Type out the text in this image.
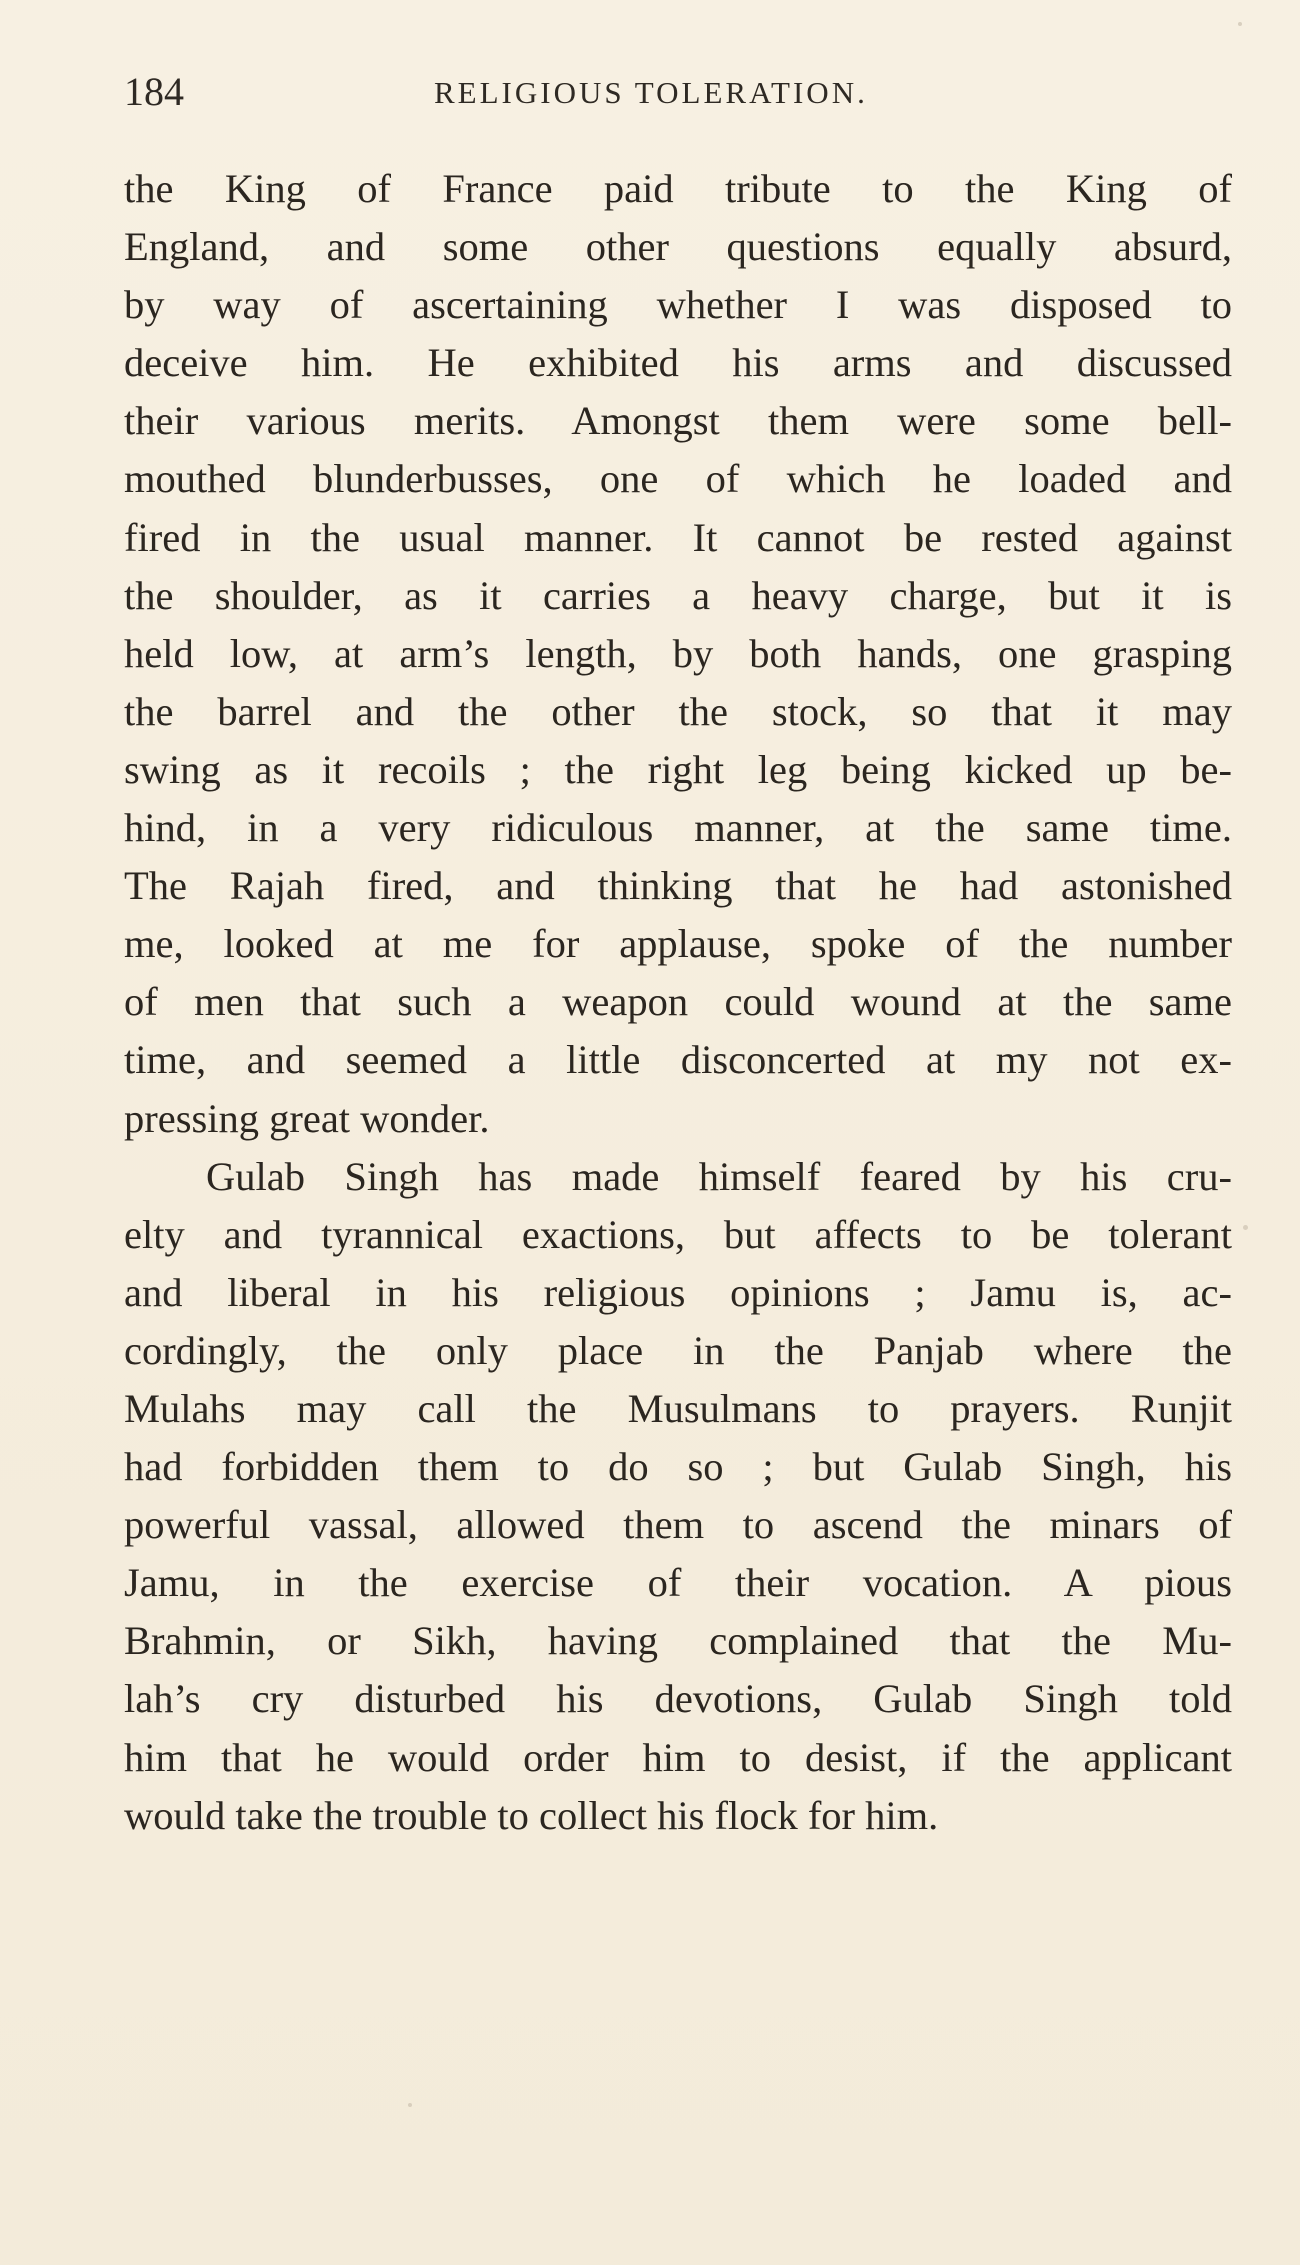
184	RELIGIOUS TOLERATION.
the King of France paid tribute to the King of
England, and some other questions equally absurd,
by way of ascertaining whether I was disposed to
deceive him. He exhibited his arms and discussed
their various merits. Amongst them were some bell-
mouthed blunderbusses, one of which he loaded and
fired in the usual manner. It cannot be rested against
the shoulder, as it carries a heavy charge, but it is
held low, at arm’s length, by both hands, one grasping
the barrel and the other the stock, so that it may
swing as it recoils ; the right leg being kicked up be-
hind, in a very ridiculous manner, at the same time.
The Rajah fired, and thinking that he had astonished
me, looked at me for applause, spoke of the number
of men that such a weapon could wound at the same
time, and seemed a little disconcerted at my not ex-
pressing great wonder.
Gulab Singh has made himself feared by his cru-
elty and tyrannical exactions, but affects to be tolerant
and liberal in his religious opinions ; Jamu is, ac-
cordingly, the only place in the Panjab where the
Mulahs may call the Musulmans to prayers. Runjit
had forbidden them to do so ; but Gulab Singh, his
powerful vassal, allowed them to ascend the minars of
Jamu, in the exercise of their vocation. A pious
Brahmin, or Sikh, having complained that the Mu-
lah’s cry disturbed his devotions, Gulab Singh told
him that he would order him to desist, if the applicant
would take the trouble to collect his flock for him.
